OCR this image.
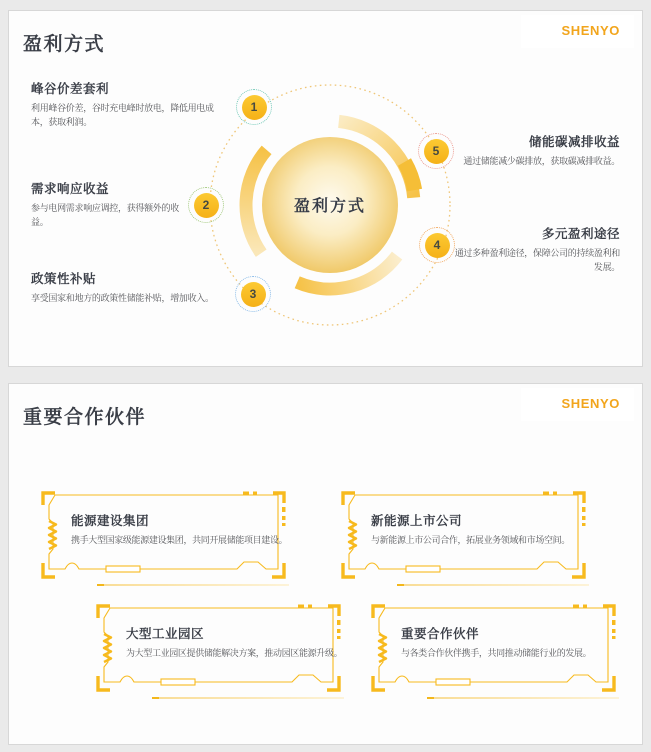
盈利方式
SHENYO
盈利方式
1
2
3
4
5
峰谷价差套利

利用峰谷价差，谷时充电峰时放电，降低用电成本，获取利润。

需求响应收益

参与电网需求响应调控，获得额外的收益。

政策性补贴

享受国家和地方的政策性储能补贴，增加收入。

储能碳减排收益

通过储能减少碳排放，获取碳减排收益。

多元盈利途径

通过多种盈利途径，保障公司的持续盈利和发展。

重要合作伙伴
SHENYO
能源建设集团

携手大型国家级能源建设集团，共同开展储能项目建设。

新能源上市公司

与新能源上市公司合作，拓展业务领域和市场空间。

大型工业园区

为大型工业园区提供储能解决方案，推动园区能源升级。

重要合作伙伴

与各类合作伙伴携手，共同推动储能行业的发展。
